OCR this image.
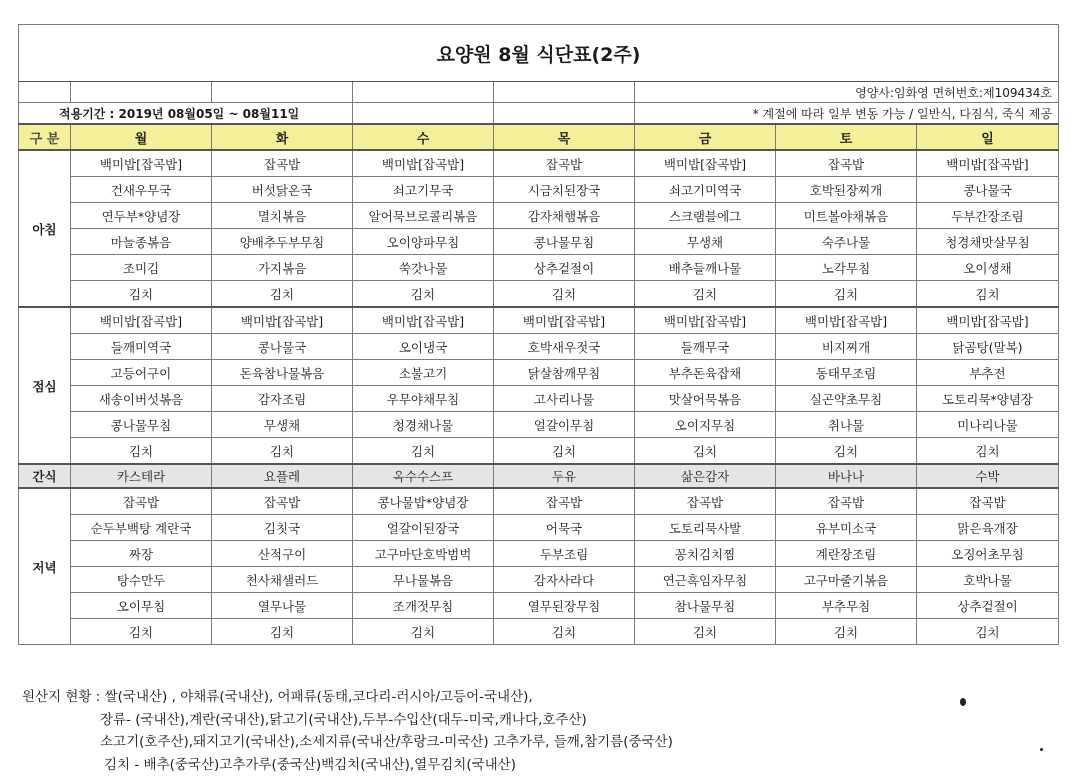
요양원 8월 식단표(2주)							
					영양사:임화영 면허번호:제109434호		
적용기간 : 2019년 08월05일 ~ 08월11일					* 계절에 따라 일부 변동 가능 / 일반식, 다짐식, 죽식 제공		
구 분	월	화	수	목	금	토	일
아침	백미밥[잡곡밥]	잡곡밥	백미밥[잡곡밥]	잡곡밥	백미밥[잡곡밥]	잡곡밥	백미밥[잡곡밥]
	건새우무국	버섯닭온국	쇠고기무국	시금치된장국	쇠고기미역국	호박된장찌개	콩나물국
	연두부*양념장	멸치볶음	알어묵브로콜리볶음	감자채햄볶음	스크램블에그	미트볼야채볶음	두부간장조림
	마늘종볶음	양배추두부무침	오이양파무침	콩나물무침	무생채	숙주나물	청경채맛살무침
	조미김	가지볶음	쑥갓나물	상추겉절이	배추들깨나물	노각무침	오이생채
	김치	김치	김치	김치	김치	김치	김치
점심	백미밥[잡곡밥]	백미밥[잡곡밥]	백미밥[잡곡밥]	백미밥[잡곡밥]	백미밥[잡곡밥]	백미밥[잡곡밥]	백미밥[잡곡밥]
	들깨미역국	콩나물국	오이냉국	호박새우젓국	들깨무국	비지찌개	닭곰탕(말복)
	고등어구이	돈육참나물볶음	소불고기	닭살참깨무침	부추돈육잡채	동태무조림	부추전
	새송이버섯볶음	감자조림	우무야채무침	고사리나물	맛살어묵볶음	실곤약초무침	도토리묵*양념장
	콩나물무침	무생채	청경채나물	얼갈이무침	오이지무침	취나물	미나리나물
	김치	김치	김치	김치	김치	김치	김치
간식	카스테라	요플레	옥수수스프	두유	삶은감자	바나나	수박
저녁	잡곡밥	잡곡밥	콩나물밥*양념장	잡곡밥	잡곡밥	잡곡밥	잡곡밥
	순두부백탕 계란국	김칫국	얼갈이된장국	어묵국	도토리묵사발	유부미소국	맑은육개장
	짜장	산적구이	고구마단호박범벅	두부조림	꽁치김치찜	계란장조림	오징어초무침
	탕수만두	천사채샐러드	무나물볶음	감자사라다	연근흑임자무침	고구마줄기볶음	호박나물
	오이무침	열무나물	조개젓무침	열무된장무침	참나물무침	부추무침	상추겉절이
	김치	김치	김치	김치	김치	김치	김치
원산지 현황 : 쌀(국내산) , 야채류(국내산), 어패류(동태,코다리-러시아/고등어-국내산),
장류- (국내산),계란(국내산),닭고기(국내산),두부-수입산(대두-미국,캐나다,호주산)
소고기(호주산),돼지고기(국내산),소세지류(국내산/후랑크-미국산) 고추가루, 들깨,참기름(중국산)
김치 - 배추(중국산)고추가루(중국산)백김치(국내산),열무김치(국내산)
